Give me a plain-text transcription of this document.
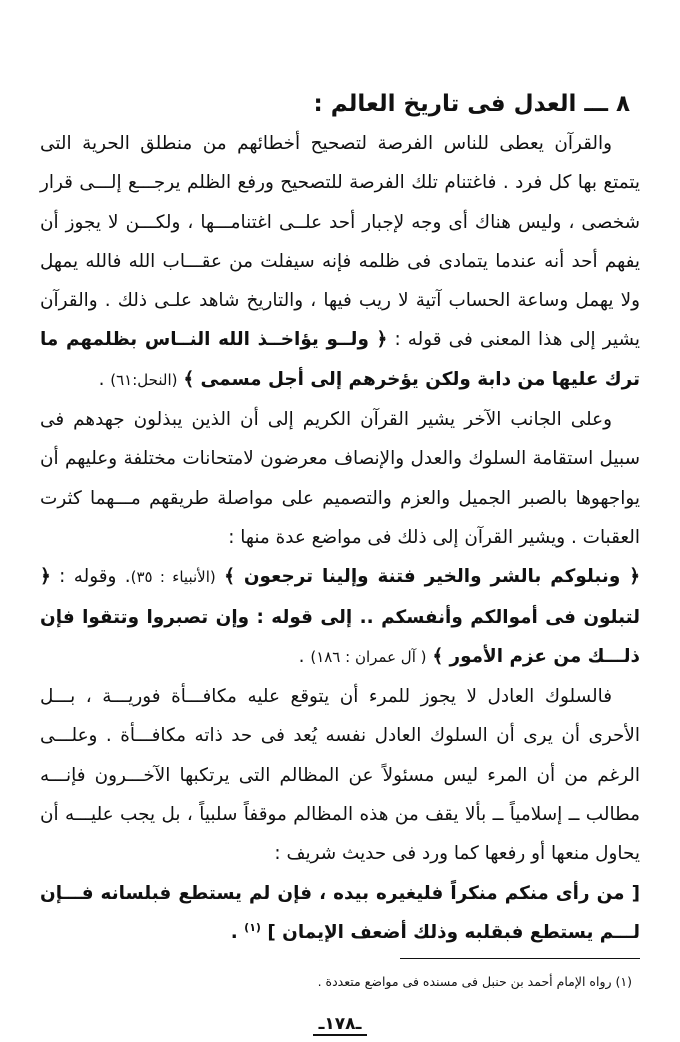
٨ ـــ العدل فى تاريخ العالم :

والقرآن يعطى للناس الفرصة لتصحيح أخطائهم من منطلق الحرية التى يتمتع بها كل فرد . فاغتنام تلك الفرصة للتصحيح ورفع الظلم يرجـــع إلـــى قرار شخصى ، وليس هناك أى وجه لإجبار أحد علــى اغتنامـــها ، ولكـــن لا يجوز أن يفهم أحد أنه عندما يتمادى فى ظلمه فإنه سيفلت من عقـــاب الله فالله يمهل ولا يهمل وساعة الحساب آتية لا ريب فيها ، والتاريخ شاهد علـى ذلك . والقرآن يشير إلى هذا المعنى فى قوله : ﴿ ولــو يؤاخــذ الله النــاس بظلمهم ما ترك عليها من دابة ولكن يؤخرهم إلى أجل مسمى ﴾ (النحل:٦١) .

وعلى الجانب الآخر يشير القرآن الكريم إلى أن الذين يبذلون جهدهم فى سبيل استقامة السلوك والعدل والإنصاف معرضون لامتحانات مختلفة وعليهم أن يواجهوها بالصبر الجميل والعزم والتصميم على مواصلة طريقهم مـــهما كثرت العقبات . ويشير القرآن إلى ذلك فى مواضع عدة منها :

﴿ ونبلوكم بالشر والخير فتنة وإلينا ترجعون ﴾ (الأنبياء : ٣٥). وقوله : ﴿ لتبلون فى أموالكم وأنفسكم .. إلى قوله : وإن تصبروا وتتقوا فإن ذلـــك من عزم الأمور ﴾ ( آل عمران : ١٨٦) .

فالسلوك العادل لا يجوز للمرء أن يتوقع عليه مكافـــأة فوريـــة ، بـــل الأحرى أن يرى أن السلوك العادل نفسه يُعد فى حد ذاته مكافـــأة . وعلـــى الرغم من أن المرء ليس مسئولاً عن المظالم التى يرتكبها الآخـــرون فإنـــه مطالب ــ إسلامياً ــ بألا يقف من هذه المظالم موقفاً سلبياً ، بل يجب عليـــه أن يحاول منعها أو رفعها كما ورد فى حديث شريف :

[ من رأى منكم منكراً فليغيره بيده ، فإن لم يستطع فبلسانه فـــإن لـــم يستطع فبقلبه وذلك أضعف الإيمان ] $^{(١)}$ .

(١) رواه الإمام أحمد بن حنبل فى مسنده فى مواضع متعددة .

ـ١٧٨ـ
